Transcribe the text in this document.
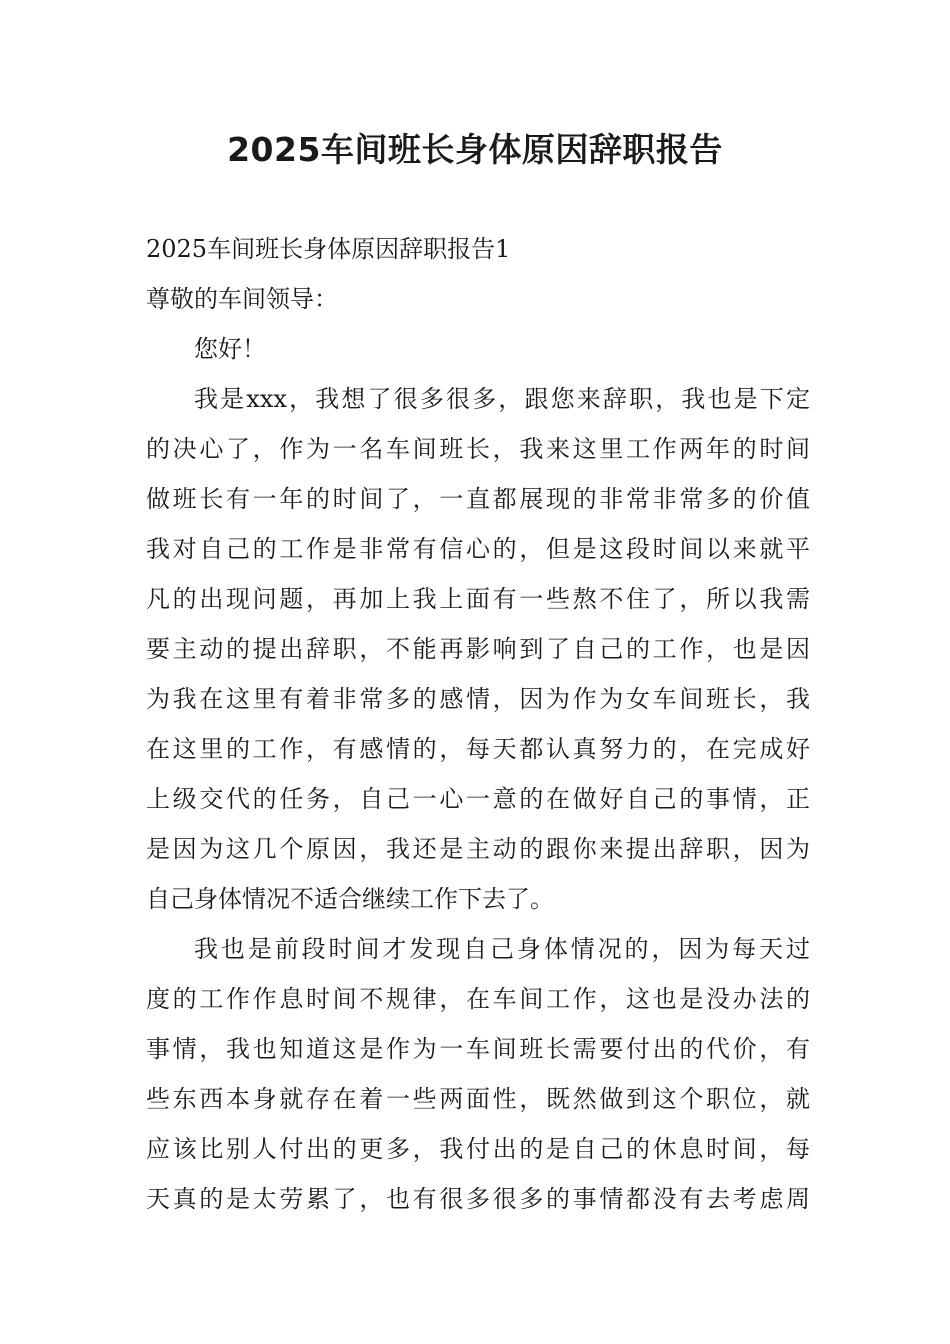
2025车间班长身体原因辞职报告
2025车间班长身体原因辞职报告1
尊敬的车间领导：
您好！
我是xxx，我想了很多很多，跟您来辞职，我也是下定
的决心了，作为一名车间班长，我来这里工作两年的时间
做班长有一年的时间了，一直都展现的非常非常多的价值
我对自己的工作是非常有信心的，但是这段时间以来就平
凡的出现问题，再加上我上面有一些熬不住了，所以我需
要主动的提出辞职，不能再影响到了自己的工作，也是因
为我在这里有着非常多的感情，因为作为女车间班长，我
在这里的工作，有感情的，每天都认真努力的，在完成好
上级交代的任务，自己一心一意的在做好自己的事情，正
是因为这几个原因，我还是主动的跟你来提出辞职，因为
自己身体情况不适合继续工作下去了。
我也是前段时间才发现自己身体情况的，因为每天过
度的工作作息时间不规律，在车间工作，这也是没办法的
事情，我也知道这是作为一车间班长需要付出的代价，有
些东西本身就存在着一些两面性，既然做到这个职位，就
应该比别人付出的更多，我付出的是自己的休息时间，每
天真的是太劳累了，也有很多很多的事情都没有去考虑周
